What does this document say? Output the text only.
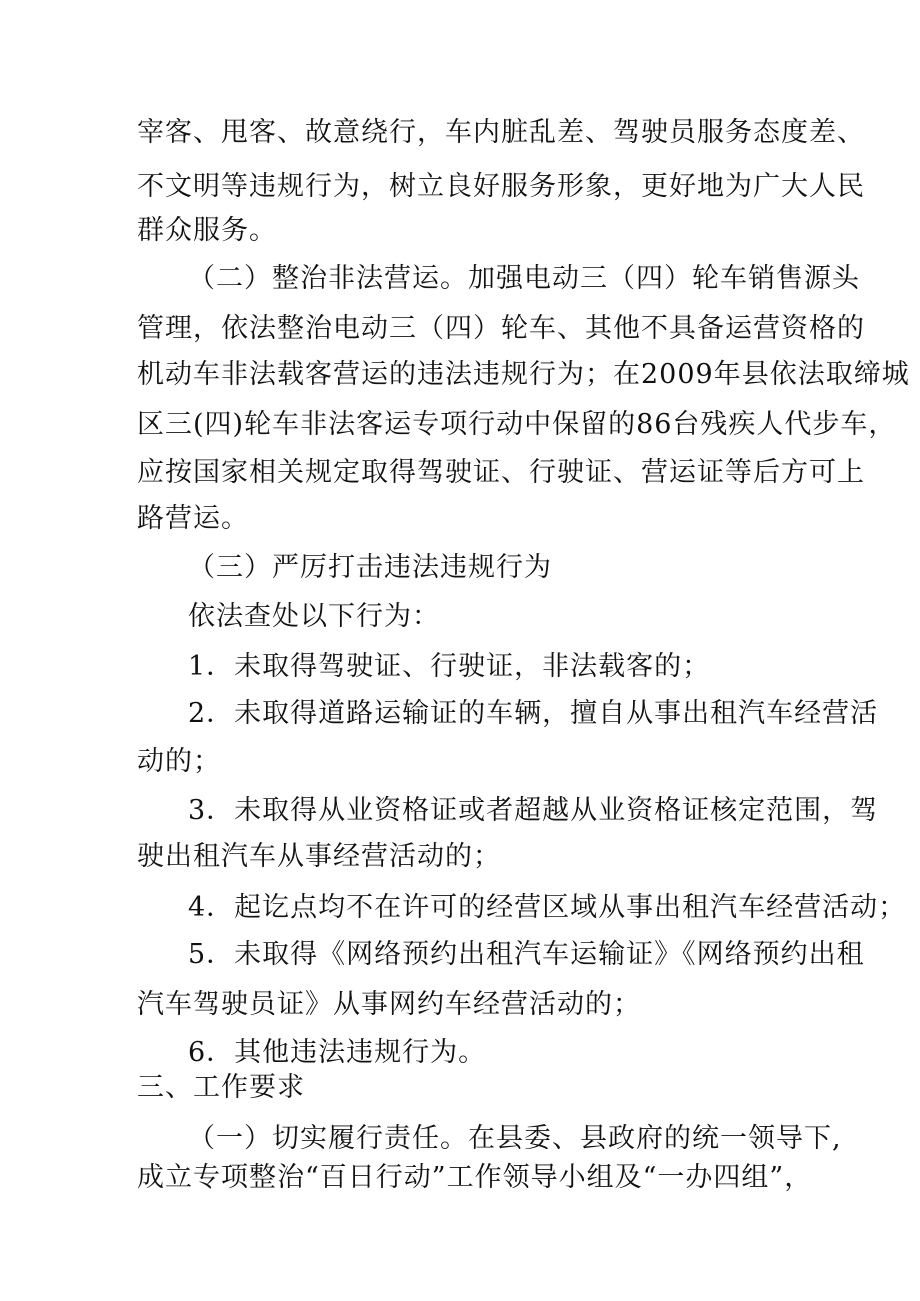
宰客、甩客、故意绕行，车内脏乱差、驾驶员服务态度差、
不文明等违规行为，树立良好服务形象，更好地为广大人民
群众服务。
（二）整治非法营运。加强电动三（四）轮车销售源头
管理，依法整治电动三（四）轮车、其他不具备运营资格的
机动车非法载客营运的违法违规行为；在2009年县依法取缔城
区三(四)轮车非法客运专项行动中保留的86台残疾人代步车，
应按国家相关规定取得驾驶证、行驶证、营运证等后方可上
路营运。
（三）严厉打击违法违规行为
依法查处以下行为：
1．未取得驾驶证、行驶证，非法载客的；
2．未取得道路运输证的车辆，擅自从事出租汽车经营活
动的；
3．未取得从业资格证或者超越从业资格证核定范围，驾
驶出租汽车从事经营活动的；
4．起讫点均不在许可的经营区域从事出租汽车经营活动；
5．未取得《网络预约出租汽车运输证》《网络预约出租
汽车驾驶员证》从事网约车经营活动的；
6．其他违法违规行为。
三、工作要求
（一）切实履行责任。在县委、县政府的统一领导下,
成立专项整治“百日行动”工作领导小组及“一办四组”，
